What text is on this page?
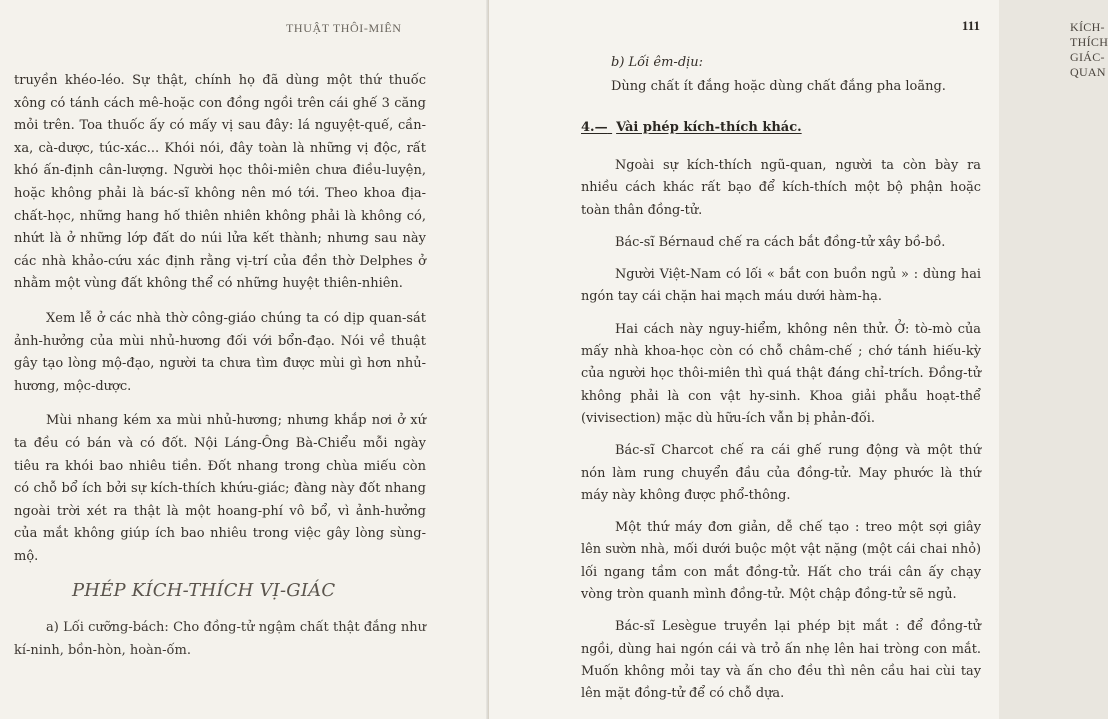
THUẬT THÔI-MIÊN

truyền khéo-léo. Sự thật, chính họ đã dùng một thứ thuốc xông có tánh cách mê-hoặc con đồng ngồi trên cái ghế 3 căng mỏi trên. Toa thuốc ấy có mấy vị sau đây: lá nguyệt-quế, cần-xa, cà-dược, túc-xác... Khói nói, đây toàn là những vị độc, rất khó ấn-định cân-lượng. Người học thôi-miên chưa điều-luyện, hoặc không phải là bác-sĩ không nên mó tới. Theo khoa địa-chất-học, những hang hố thiên nhiên không phải là không có, nhứt là ở những lớp đất do núi lửa kết thành; nhưng sau này các nhà khảo-cứu xác định rằng vị-trí của đền thờ Delphes ở nhằm một vùng đất không thể có những huyệt thiên-nhiên.

Xem lễ ở các nhà thờ công-giáo chúng ta có dịp quan-sát ảnh-hưởng của mùi nhủ-hương đối với bổn-đạo. Nói về thuật gây tạo lòng mộ-đạo, người ta chưa tìm được mùi gì hơn nhủ-hương, mộc-dược.

Mùi nhang kém xa mùi nhủ-hương; nhưng khắp nơi ở xứ ta đều có bán và có đốt. Nội Láng-Ông Bà-Chiểu mỗi ngày tiêu ra khói bao nhiêu tiền. Đốt nhang trong chùa miếu còn có chỗ bổ ích bởi sự kích-thích khứu-giác; đàng này đốt nhang ngoài trời xét ra thật là một hoang-phí vô bổ, vì ảnh-hưởng của mắt không giúp ích bao nhiêu trong việc gây lòng sùng-mộ.

PHÉP KÍCH-THÍCH VỊ-GIÁC

a) Lối cưỡng-bách: Cho đồng-tử ngậm chất thật đắng như kí-ninh, bồn-hòn, hoàn-ốm.

KÍCH-THÍCH GIÁC-QUAN
111

b) Lối êm-dịu:

Dùng chất ít đắng hoặc dùng chất đắng pha loãng.

4.— Vài phép kích-thích khác.

Ngoài sự kích-thích ngũ-quan, người ta còn bày ra nhiều cách khác rất bạo để kích-thích một bộ phận hoặc toàn thân đồng-tử.

Bác-sĩ Bérnaud chế ra cách bắt đồng-tử xây bồ-bồ.

Người Việt-Nam có lối « bắt con buồn ngủ » : dùng hai ngón tay cái chặn hai mạch máu dưới hàm-hạ.

Hai cách này nguy-hiểm, không nên thử. Ở: tò-mò của mấy nhà khoa-học còn có chỗ châm-chế ; chớ tánh hiếu-kỳ của người học thôi-miên thì quá thật đáng chỉ-trích. Đồng-tử không phải là con vật hy-sinh. Khoa giải phẫu hoạt-thể (vivisection) mặc dù hữu-ích vẫn bị phản-đối.

Bác-sĩ Charcot chế ra cái ghế rung động và một thứ nón làm rung chuyển đầu của đồng-tử. May phước là thứ máy này không được phổ-thông.

Một thứ máy đơn giản, dễ chế tạo : treo một sợi giây lên sườn nhà, mối dưới buộc một vật nặng (một cái chai nhỏ) lối ngang tầm con mắt đồng-tử. Hất cho trái cân ấy chạy vòng tròn quanh mình đồng-tử. Một chập đồng-tử sẽ ngủ.

Bác-sĩ Lesègue truyền lại phép bịt mắt : để đồng-tử ngồi, dùng hai ngón cái và trỏ ấn nhẹ lên hai tròng con mắt. Muốn không mỏi tay và ấn cho đều thì nên cầu hai cùi tay lên mặt đồng-tử để có chỗ dựa.
